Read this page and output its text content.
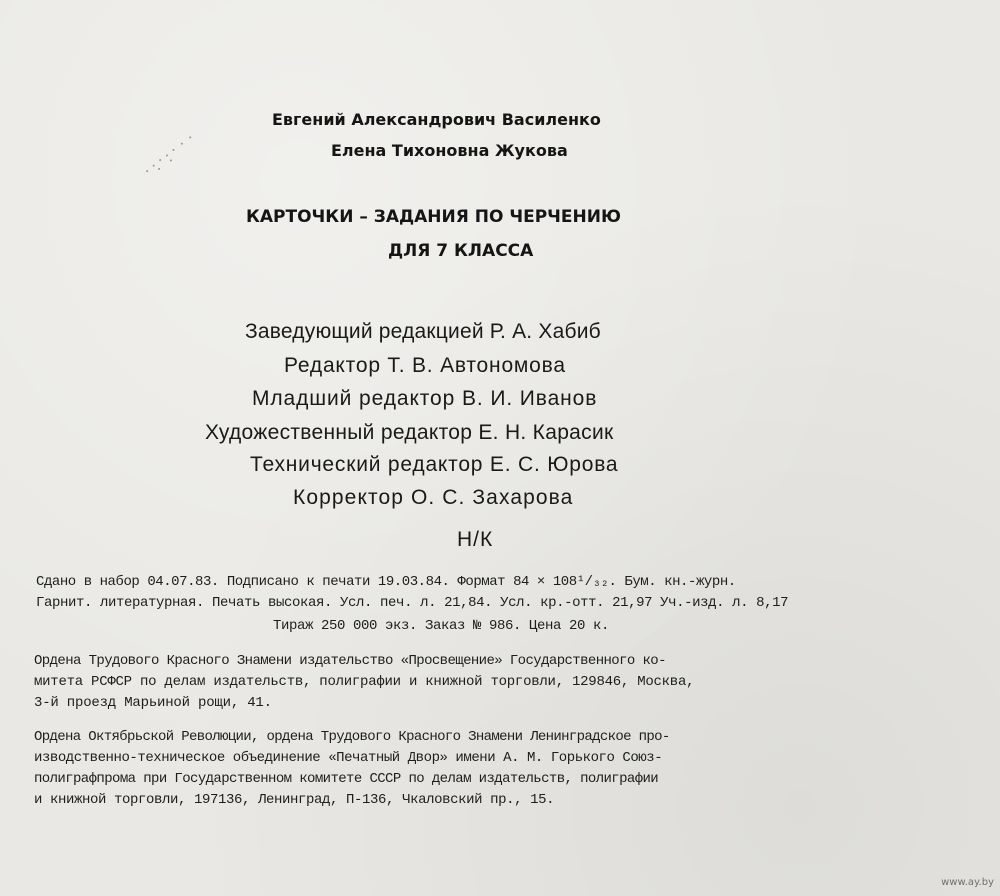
Евгений Александрович Василенко

Елена Тихоновна Жукова

КАРТОЧКИ – ЗАДАНИЯ ПО ЧЕРЧЕНИЮ

ДЛЯ 7 КЛАССА

Заведующий редакцией Р. А. Хабиб

Редактор Т. В. Автономова

Младший редактор В. И. Иванов

Художественный редактор Е. Н. Карасик

Технический редактор Е. С. Юрова

Корректор О. С. Захарова

Н/К

Сдано в набор 04.07.83. Подписано к печати 19.03.84. Формат 84 × 108¹/₃₂. Бум. кн.-журн.

Гарнит. литературная. Печать высокая. Усл. печ. л. 21,84. Усл. кр.-отт. 21,97 Уч.-изд. л. 8,17

Тираж 250 000 экз. Заказ № 986. Цена 20 к.

Ордена Трудового Красного Знамени издательство «Просвещение» Государственного ко-

митета РСФСР по делам издательств, полиграфии и книжной торговли, 129846, Москва,

3-й проезд Марьиной рощи, 41.

Ордена Октябрьской Революции, ордена Трудового Красного Знамени Ленинградское про-

изводственно-техническое объединение «Печатный Двор» имени А. М. Горького Союз-

полиграфпрома при Государственном комитете СССР по делам издательств, полиграфии

и книжной торговли, 197136, Ленинград, П-136, Чкаловский пр., 15.

www.ay.by
